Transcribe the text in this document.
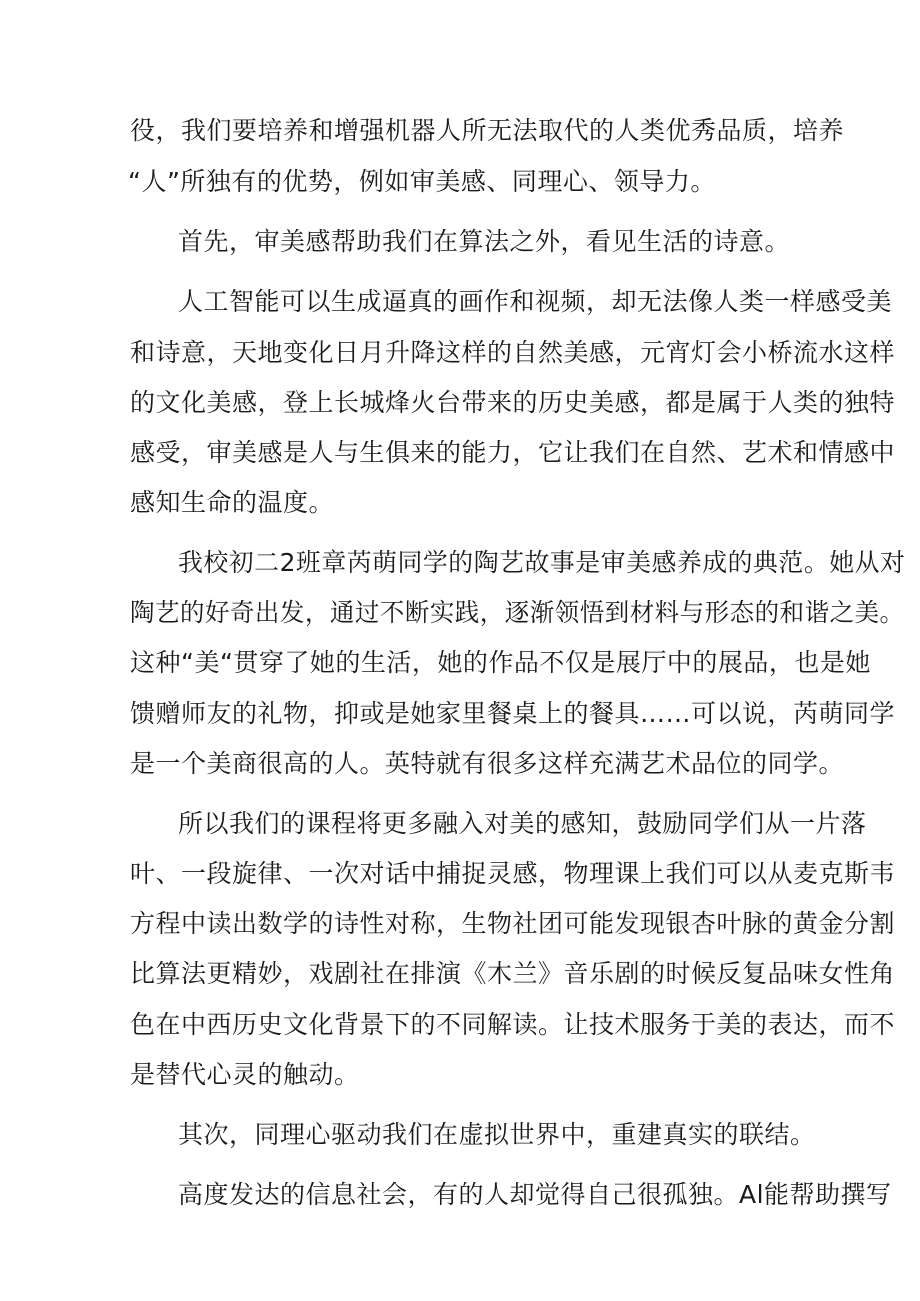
役，我们要培养和增强机器人所无法取代的人类优秀品质，培养
“人”所独有的优势，例如审美感、同理心、领导力。
首先，审美感帮助我们在算法之外，看见生活的诗意。
人工智能可以生成逼真的画作和视频，却无法像人类一样感受美
和诗意，天地变化日月升降这样的自然美感，元宵灯会小桥流水这样
的文化美感，登上长城烽火台带来的历史美感，都是属于人类的独特
感受，审美感是人与生俱来的能力，它让我们在自然、艺术和情感中
感知生命的温度。
我校初二2班章芮萌同学的陶艺故事是审美感养成的典范。她从对
陶艺的好奇出发，通过不断实践，逐渐领悟到材料与形态的和谐之美。
这种“美“贯穿了她的生活，她的作品不仅是展厅中的展品，也是她
馈赠师友的礼物，抑或是她家里餐桌上的餐具……可以说，芮萌同学
是一个美商很高的人。英特就有很多这样充满艺术品位的同学。
所以我们的课程将更多融入对美的感知，鼓励同学们从一片落
叶、一段旋律、一次对话中捕捉灵感，物理课上我们可以从麦克斯韦
方程中读出数学的诗性对称，生物社团可能发现银杏叶脉的黄金分割
比算法更精妙，戏剧社在排演《木兰》音乐剧的时候反复品味女性角
色在中西历史文化背景下的不同解读。让技术服务于美的表达，而不
是替代心灵的触动。
其次，同理心驱动我们在虚拟世界中，重建真实的联结。
高度发达的信息社会，有的人却觉得自己很孤独。Al能帮助撰写
